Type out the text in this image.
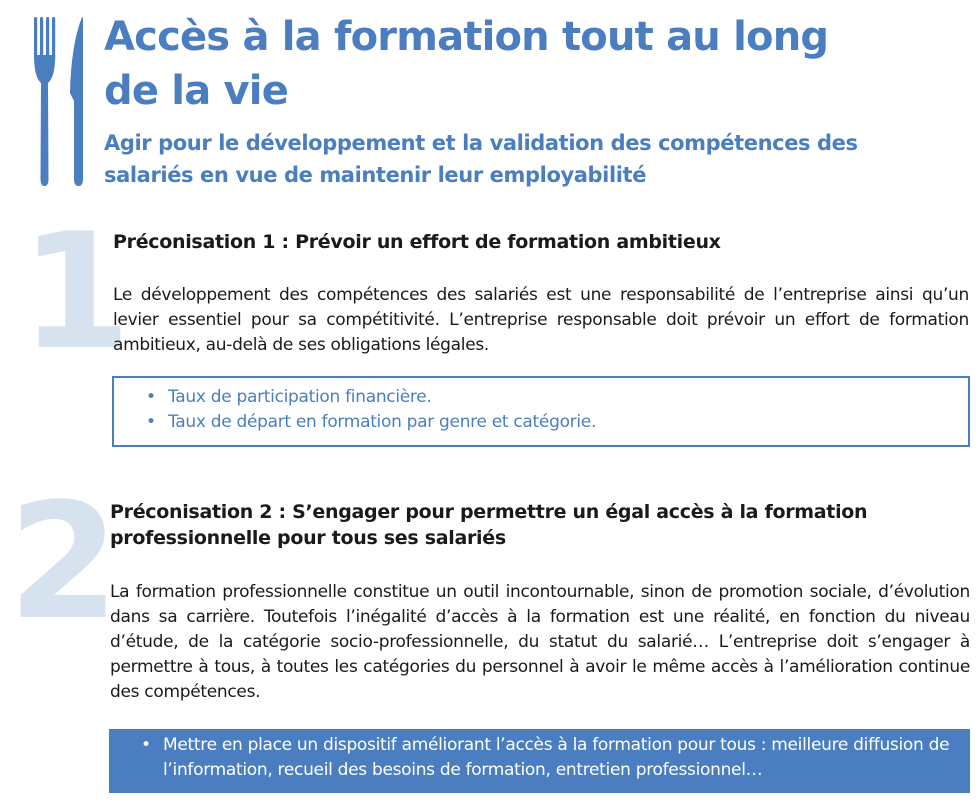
Accès à la formation tout au long de la vie
Agir pour le développement et la validation des compétences des salariés en vue de maintenir leur employabilité
1
Préconisation 1 : Prévoir un effort de formation ambitieux

Le développement des compétences des salariés est une responsabilité de l’entreprise ainsi qu’un levier essentiel pour sa compétitivité. L’entreprise responsable doit prévoir un effort de formation ambitieux, au-delà de ses obligations légales.

• Taux de participation financière.
• Taux de départ en formation par genre et catégorie.
2
Préconisation 2 : S’engager pour permettre un égal accès à la formation professionnelle pour tous ses salariés

La formation professionnelle constitue un outil incontournable, sinon de promotion sociale, d’évolution dans sa carrière. Toutefois l’inégalité d’accès à la formation est une réalité, en fonction du niveau d’étude, de la catégorie socio-professionnelle, du statut du salarié… L’entreprise doit s’engager à permettre à tous, à toutes les catégories du personnel à avoir le même accès à l’amélioration continue des compétences.

• Mettre en place un dispositif améliorant l’accès à la formation pour tous : meilleure diffusion de l’information, recueil des besoins de formation, entretien professionnel…
